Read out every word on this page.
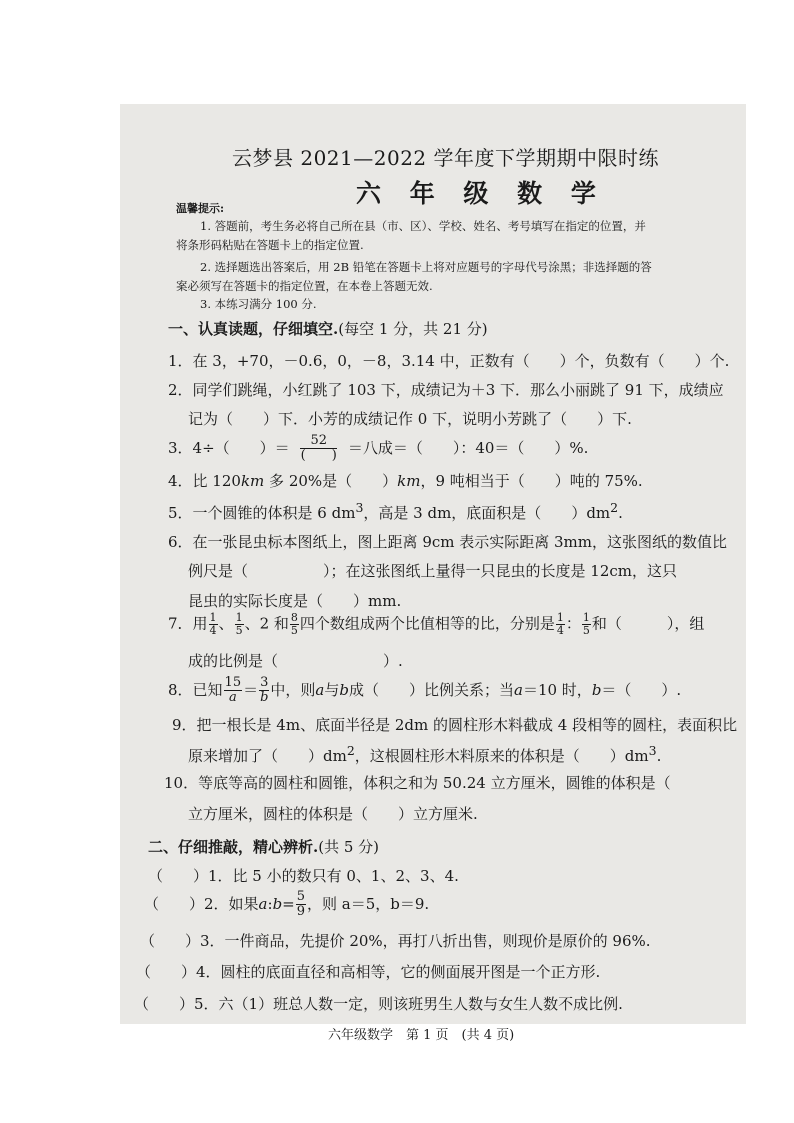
云梦县 2021—2022 学年度下学期期中限时练
六 年 级 数 学
温馨提示:
1. 答题前，考生务必将自己所在县（市、区）、学校、姓名、考号填写在指定的位置，并
将条形码粘贴在答题卡上的指定位置.
2. 选择题选出答案后，用 2B 铅笔在答题卡上将对应题号的字母代号涂黑；非选择题的答
案必须写在答题卡的指定位置，在本卷上答题无效.
3. 本练习满分 100 分.
一、认真读题，仔细填空.(每空 1 分，共 21 分)
1．在 3，+70，－0.6，0，－8，3.14 中，正数有（　　）个，负数有（　　）个.
2．同学们跳绳，小红跳了 103 下，成绩记为＋3 下．那么小丽跳了 91 下，成绩应
记为（　　）下．小芳的成绩记作 0 下，说明小芳跳了（　　）下.
3．4÷（　　）＝ $\frac{52}{( )}$ ＝八成＝（　　）：40＝（　　）%.
4．比 120km 多 20%是（　　）km，9 吨相当于（　　）吨的 75%.
5．一个圆锥的体积是 6 $dm^3$，高是 3 dm，底面积是（　　）$dm^2$.
6．在一张昆虫标本图纸上，图上距离 9cm 表示实际距离 3mm，这张图纸的数值比
例尺是（　　　　　）；在这张图纸上量得一只昆虫的长度是 12cm，这只
昆虫的实际长度是（　　）mm.
7．用 $\frac{1}{4}$ 、 $\frac{1}{5}$ 、2 和 $\frac{8}{5}$ 四个数组成两个比值相等的比，分别是 $\frac{1}{4}$ ： $\frac{1}{5}$ 和（　　　），组
成的比例是（　　　　　　　）.
8．已知 $\frac{15}{a} = \frac{3}{b}$ 中，则a与b成（　　）比例关系；当a＝10 时，b＝（　　）.
9．把一根长是 4m、底面半径是 2dm 的圆柱形木料截成 4 段相等的圆柱，表面积比
原来增加了（　　）$dm^2$，这根圆柱形木料原来的体积是（　　）$dm^3$.
10．等底等高的圆柱和圆锥，体积之和为 50.24 立方厘米，圆锥的体积是（
立方厘米，圆柱的体积是（　　）立方厘米.
二、仔细推敲，精心辨析.(共 5 分)
（　　）1．比 5 小的数只有 0、1、2、3、4.
（　　）2．如果a:b= $\frac{5}{9}$ ，则 a＝5，b＝9.
（　　）3．一件商品，先提价 20%，再打八折出售，则现价是原价的 96%.
（　　）4．圆柱的底面直径和高相等，它的侧面展开图是一个正方形.
（　　）5．六（1）班总人数一定，则该班男生人数与女生人数不成比例.
六年级数学　第 1 页　(共 4 页)
